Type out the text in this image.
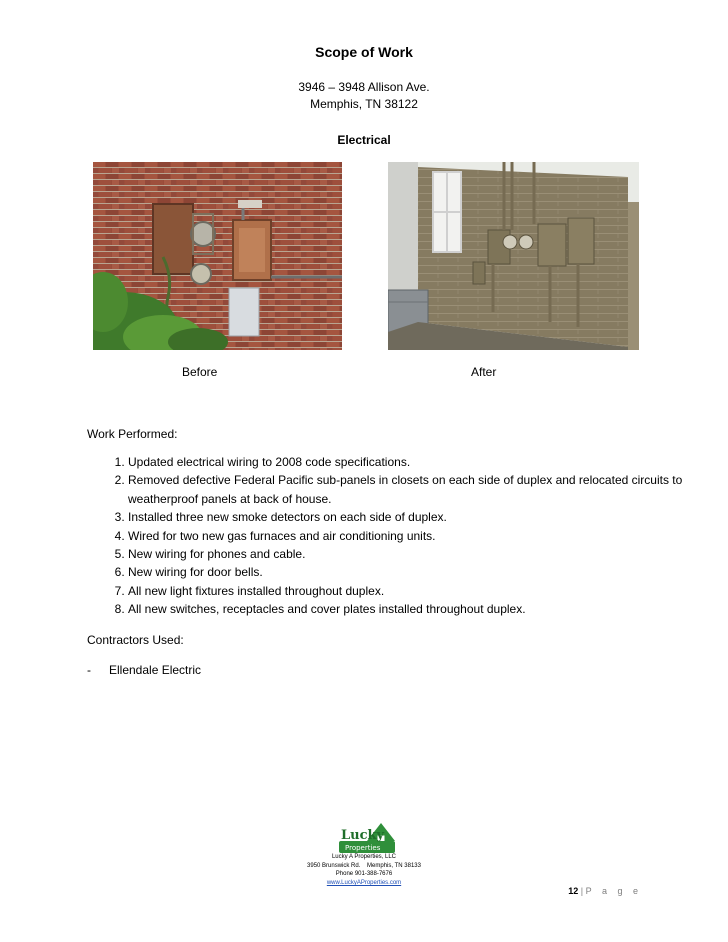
Scope of Work
3946 – 3948 Allison Ave.
Memphis, TN 38122
Electrical
Before	After
Work Performed:
1. Updated electrical wiring to 2008 code specifications.
2. Removed defective Federal Pacific sub-panels in closets on each side of duplex and relocated circuits to weatherproof panels at back of house.
3. Installed three new smoke detectors on each side of duplex.
4. Wired for two new gas furnaces and air conditioning units.
5. New wiring for phones and cable.
6. New wiring for door bells.
7. All new light fixtures installed throughout duplex.
8. All new switches, receptacles and cover plates installed throughout duplex.
Contractors Used:
- Ellendale Electric
Lucky
Properties
Lucky A Properties, LLC
3950 Brunswick Rd.    Memphis, TN 38133
Phone 901-388-7676
www.LuckyAProperties.com
12 | P a g e
